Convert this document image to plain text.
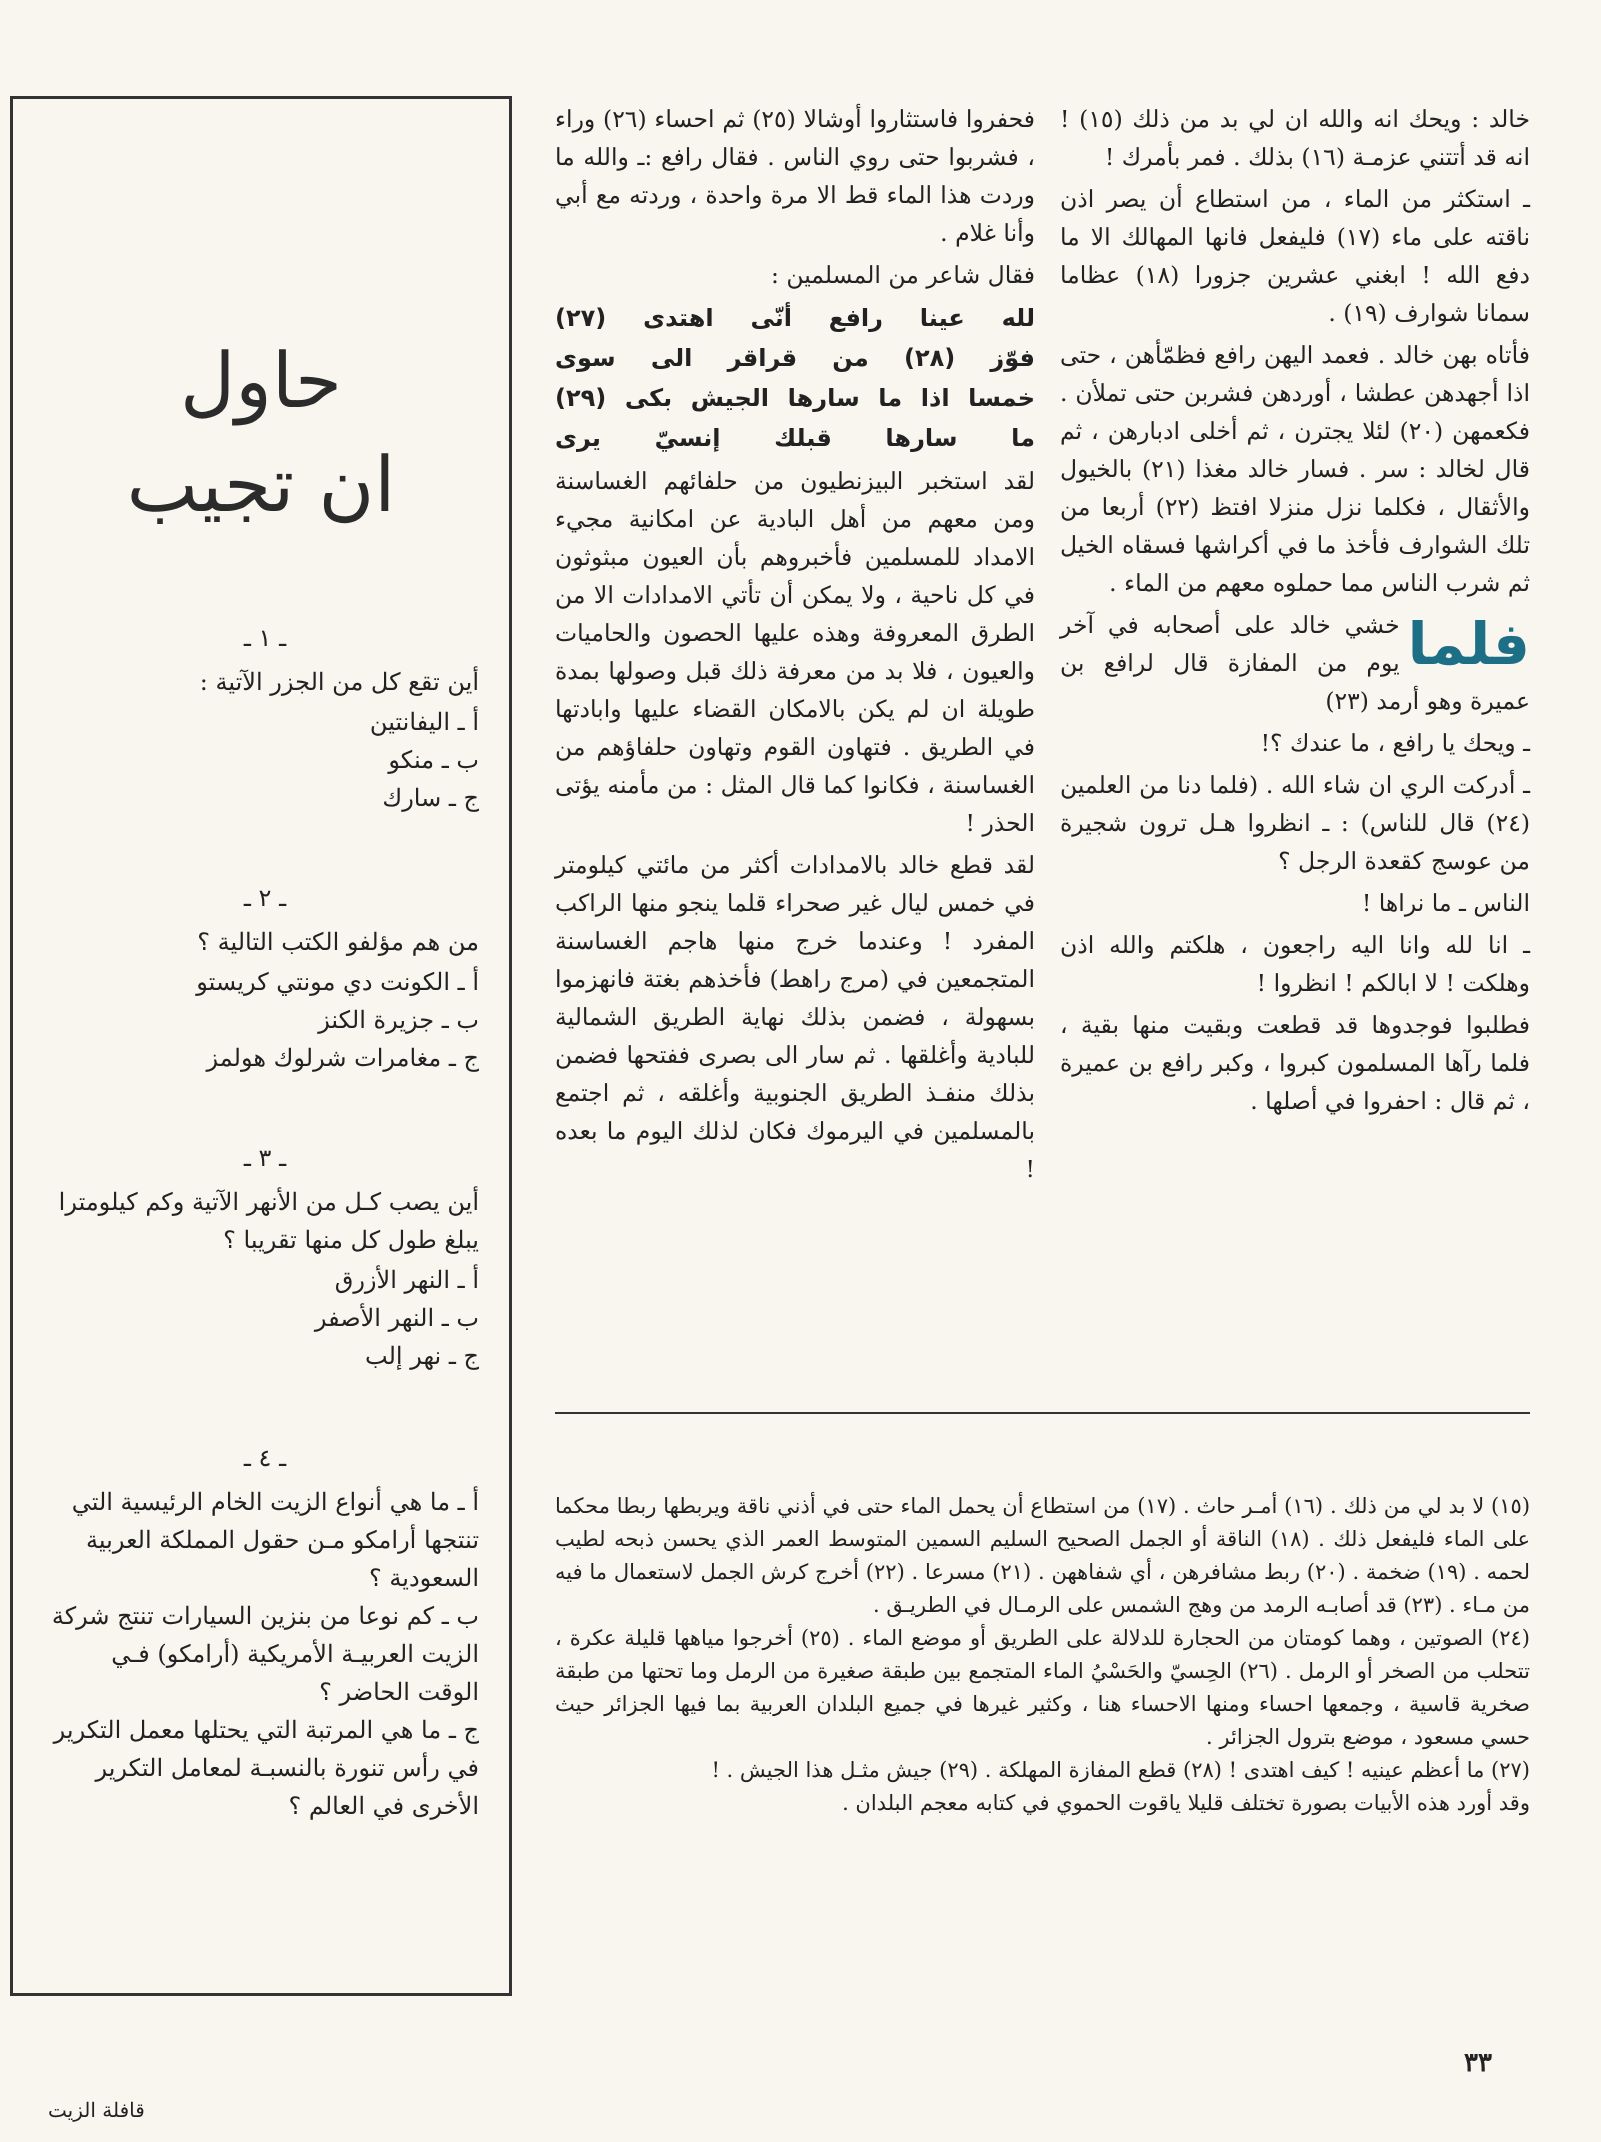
خالد : ويحك انه والله ان لي بد من ذلك (١٥) ! انه قد أتتني عزمـة (١٦) بذلك . فمر بأمرك !

ـ استكثر من الماء ، من استطاع أن يصر اذن ناقته على ماء (١٧) فليفعل فانها المهالك الا ما دفع الله ! ابغني عشرين جزورا (١٨) عظاما سمانا شوارف (١٩) .

فأتاه بهن خالد . فعمد اليهن رافع فظمّأهن ، حتى اذا أجهدهن عطشا ، أوردهن فشربن حتى تملأن . فكعمهن (٢٠) لئلا يجترن ، ثم أخلى ادبارهن ، ثم قال لخالد : سر . فسار خالد مغذا (٢١) بالخيول والأثقال ، فكلما نزل منزلا افتظ (٢٢) أربعا من تلك الشوارف فأخذ ما في أكراشها فسقاه الخيل ثم شرب الناس مما حملوه معهم من الماء .

فلما
خشي خالد على أصحابه في آخر يوم من المفازة قال لرافع بن عميرة وهو أرمد (٢٣)

ـ ويحك يا رافع ، ما عندك ؟!

ـ أدركت الري ان شاء الله . (فلما دنا من العلمين (٢٤) قال للناس) : ـ انظروا هـل ترون شجيرة من عوسج كقعدة الرجل ؟

الناس ـ ما نراها !

ـ انا لله وانا اليه راجعون ، هلكتم والله اذن وهلكت ! لا ابالكم ! انظروا !

فطلبوا فوجدوها قد قطعت وبقيت منها بقية ، فلما رآها المسلمون كبروا ، وكبر رافع بن عميرة ، ثم قال : احفروا في أصلها .

فحفروا فاستثاروا أوشالا (٢٥) ثم احساء (٢٦) وراء ، فشربوا حتى روي الناس . فقال رافع :ـ والله ما وردت هذا الماء قط الا مرة واحدة ، وردته مع أبي وأنا غلام .

فقال شاعر من المسلمين :

لله عينا رافع أنّى اهتدى (٢٧)
فوّز (٢٨) من قراقر الى سوى
خمسا اذا ما سارها الجيش بكى (٢٩)
ما سارها قبلك إنسيّ يرى

لقد استخبر البيزنطيون من حلفائهم الغساسنة ومن معهم من أهل البادية عن امكانية مجيء الامداد للمسلمين فأخبروهم بأن العيون مبثوثون في كل ناحية ، ولا يمكن أن تأتي الامدادات الا من الطرق المعروفة وهذه عليها الحصون والحاميات والعيون ، فلا بد من معرفة ذلك قبل وصولها بمدة طويلة ان لم يكن بالامكان القضاء عليها وابادتها في الطريق . فتهاون القوم وتهاون حلفاؤهم من الغساسنة ، فكانوا كما قال المثل : من مأمنه يؤتى الحذر !

لقد قطع خالد بالامدادات أكثر من مائتي كيلومتر في خمس ليال غير صحراء قلما ينجو منها الراكب المفرد ! وعندما خرج منها هاجم الغساسنة المتجمعين في (مرج راهط) فأخذهم بغتة فانهزموا بسهولة ، فضمن بذلك نهاية الطريق الشمالية للبادية وأغلقها . ثم سار الى بصرى ففتحها فضمن بذلك منفـذ الطريق الجنوبية وأغلقه ، ثم اجتمع بالمسلمين في اليرموك فكان لذلك اليوم ما بعده !

حاول
ان تجيب
ـ ١ ـ
أين تقع كل من الجزر الآتية :
أ ـ اليفانتين
ب ـ منكو
ج ـ سارك
ـ ٢ ـ
من هم مؤلفو الكتب التالية ؟
أ ـ الكونت دي مونتي كريستو
ب ـ جزيرة الكنز
ج ـ مغامرات شرلوك هولمز
ـ ٣ ـ
أين يصب كـل من الأنهر الآتية وكم كيلومترا يبلغ طول كل منها تقريبا ؟
أ ـ النهر الأزرق
ب ـ النهر الأصفر
ج ـ نهر إلب
ـ ٤ ـ
أ ـ ما هي أنواع الزيت الخام الرئيسية التي تنتجها أرامكو مـن حقول المملكة العربية السعودية ؟
ب ـ كم نوعا من بنزين السيارات تنتج شركة الزيت العربيـة الأمريكية (أرامكو) فـي الوقت الحاضر ؟
ج ـ ما هي المرتبة التي يحتلها معمل التكرير في رأس تنورة بالنسبـة لمعامل التكرير الأخرى في العالم ؟

(١٥) لا بد لي من ذلك . (١٦) أمـر حاث . (١٧) من استطاع أن يحمل الماء حتى في أذني ناقة ويربطها ربطا محكما على الماء فليفعل ذلك . (١٨) الناقة أو الجمل الصحيح السليم السمين المتوسط العمر الذي يحسن ذبحه لطيب لحمه . (١٩) ضخمة . (٢٠) ربط مشافرهن ، أي شفاههن . (٢١) مسرعا . (٢٢) أخرج كرش الجمل لاستعمال ما فيه من مـاء . (٢٣) قد أصابـه الرمد من وهج الشمس على الرمـال في الطريـق .

(٢٤) الصوتين ، وهما كومتان من الحجارة للدلالة على الطريق أو موضع الماء . (٢٥) أخرجوا مياهها قليلة عكرة ، تتحلب من الصخر أو الرمل . (٢٦) الحِسيّ والحَسْيُ الماء المتجمع بين طبقة صغيرة من الرمل وما تحتها من طبقة صخرية قاسية ، وجمعها احساء ومنها الاحساء هنا ، وكثير غيرها في جميع البلدان العربية بما فيها الجزائر حيث حسي مسعود ، موضع بترول الجزائر .

(٢٧) ما أعظم عينيه ! كيف اهتدى ! (٢٨) قطع المفازة المهلكة . (٢٩) جيش مثـل هذا الجيش . !

وقد أورد هذه الأبيات بصورة تختلف قليلا ياقوت الحموي في كتابه معجم البلدان .

٣٣
قافلة الزيت
